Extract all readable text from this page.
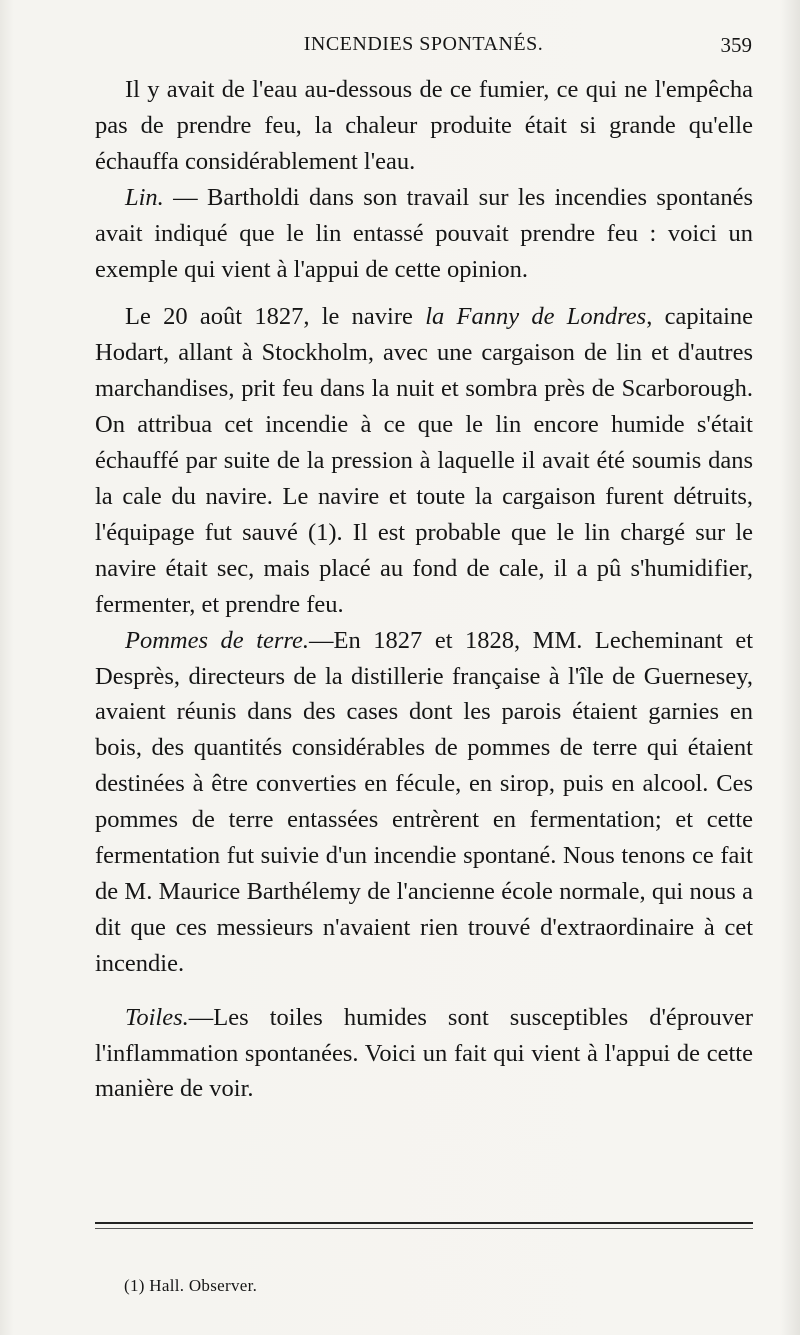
INCENDIES SPONTANÉS.	359

Il y avait de l'eau au-dessous de ce fumier, ce qui ne l'empêcha pas de prendre feu, la chaleur produite était si grande qu'elle échauffa considérablement l'eau.

Lin. — Bartholdi dans son travail sur les incendies spontanés avait indiqué que le lin entassé pouvait prendre feu : voici un exemple qui vient à l'appui de cette opinion.

Le 20 août 1827, le navire la Fanny de Londres, capitaine Hodart, allant à Stockholm, avec une cargaison de lin et d'autres marchandises, prit feu dans la nuit et sombra près de Scarborough. On attribua cet incendie à ce que le lin encore humide s'était échauffé par suite de la pression à laquelle il avait été soumis dans la cale du navire. Le navire et toute la cargaison furent détruits, l'équipage fut sauvé (1). Il est probable que le lin chargé sur le navire était sec, mais placé au fond de cale, il a pû s'humidifier, fermenter, et prendre feu.

Pommes de terre.—En 1827 et 1828, MM. Lecheminant et Desprès, directeurs de la distillerie française à l'île de Guernesey, avaient réunis dans des cases dont les parois étaient garnies en bois, des quantités considérables de pommes de terre qui étaient destinées à être converties en fécule, en sirop, puis en alcool. Ces pommes de terre entassées entrèrent en fermentation; et cette fermentation fut suivie d'un incendie spontané. Nous tenons ce fait de M. Maurice Barthélemy de l'ancienne école normale, qui nous a dit que ces messieurs n'avaient rien trouvé d'extraordinaire à cet incendie.

Toiles.—Les toiles humides sont susceptibles d'éprouver l'inflammation spontanées. Voici un fait qui vient à l'appui de cette manière de voir.

(1) Hall. Observer.
